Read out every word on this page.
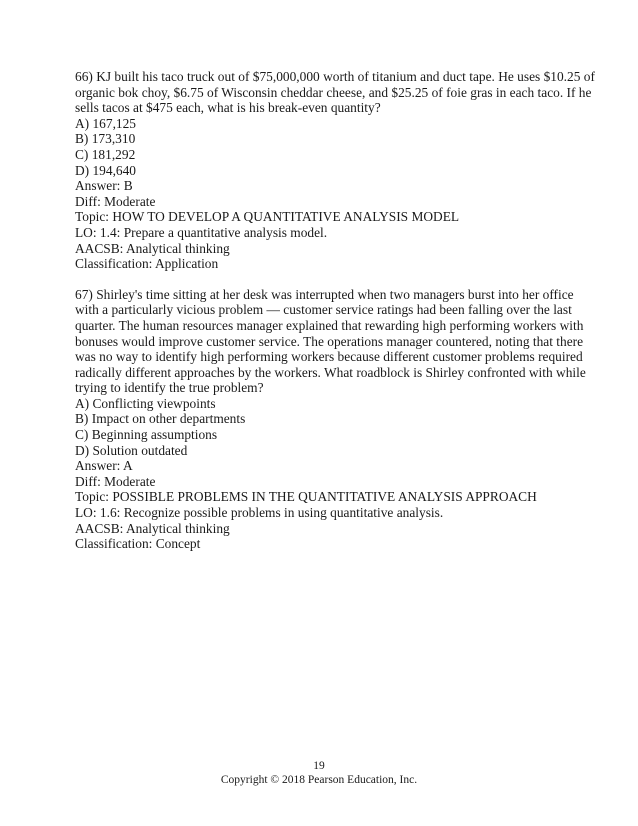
66) KJ built his taco truck out of $75,000,000 worth of titanium and duct tape. He uses $10.25 of
organic bok choy, $6.75 of Wisconsin cheddar cheese, and $25.25 of foie gras in each taco. If he
sells tacos at $475 each, what is his break-even quantity?
A) 167,125
B) 173,310
C) 181,292
D) 194,640
Answer: B
Diff: Moderate
Topic: HOW TO DEVELOP A QUANTITATIVE ANALYSIS MODEL
LO: 1.4: Prepare a quantitative analysis model.
AACSB: Analytical thinking
Classification: Application
67) Shirley's time sitting at her desk was interrupted when two managers burst into her office
with a particularly vicious problem — customer service ratings had been falling over the last
quarter. The human resources manager explained that rewarding high performing workers with
bonuses would improve customer service. The operations manager countered, noting that there
was no way to identify high performing workers because different customer problems required
radically different approaches by the workers. What roadblock is Shirley confronted with while
trying to identify the true problem?
A) Conflicting viewpoints
B) Impact on other departments
C) Beginning assumptions
D) Solution outdated
Answer: A
Diff: Moderate
Topic: POSSIBLE PROBLEMS IN THE QUANTITATIVE ANALYSIS APPROACH
LO: 1.6: Recognize possible problems in using quantitative analysis.
AACSB: Analytical thinking
Classification: Concept
19
Copyright © 2018 Pearson Education, Inc.
